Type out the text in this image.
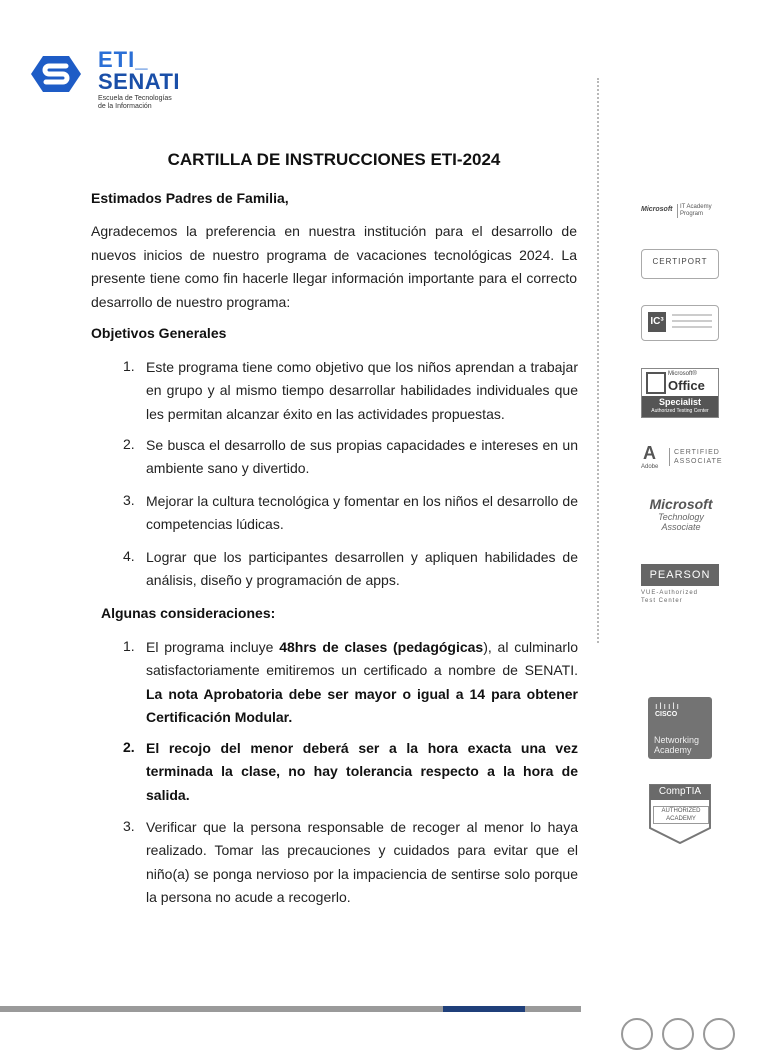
ETI_
SENATI
Escuela de Tecnologías
de la Información
CARTILLA DE INSTRUCCIONES ETI-2024
Estimados Padres de Familia,
Agradecemos la preferencia en nuestra institución para el desarrollo de nuevos inicios de nuestro programa de vacaciones tecnológicas 2024. La presente tiene como fin hacerle llegar información importante para el correcto desarrollo de nuestro programa:
Objetivos Generales
1. Este programa tiene como objetivo que los niños aprendan a trabajar en grupo y al mismo tiempo desarrollar habilidades individuales que les permitan alcanzar éxito en las actividades propuestas.
2. Se busca el desarrollo de sus propias capacidades e intereses en un ambiente sano y divertido.
3. Mejorar la cultura tecnológica y fomentar en los niños el desarrollo de competencias lúdicas.
4. Lograr que los participantes desarrollen y apliquen habilidades de análisis, diseño y programación de apps.
Algunas consideraciones:
1. El programa incluye 48hrs de clases (pedagógicas), al culminarlo satisfactoriamente emitiremos un certificado a nombre de SENATI. La nota Aprobatoria debe ser mayor o igual a 14 para obtener Certificación Modular.
2. El recojo del menor deberá ser a la hora exacta una vez terminada la clase, no hay tolerancia respecto a la hora de salida.
3. Verificar que la persona responsable de recoger al menor lo haya realizado. Tomar las precauciones y cuidados para evitar que el niño(a) se ponga nervioso por la impaciencia de sentirse solo porque la persona no acude a recogerlo.
Microsoft	IT Academy Program
CERTIPORT
IC³
Microsoft®
Office
Specialist
Authorized Testing Center
A
Adobe
CERTIFIED
ASSOCIATE
Microsoft
Technology
Associate
PEARSON
VUE-Authorized
Test Center
ılıılı
CISCO
Networking
Academy
CompTIA
AUTHORIZED
ACADEMY
